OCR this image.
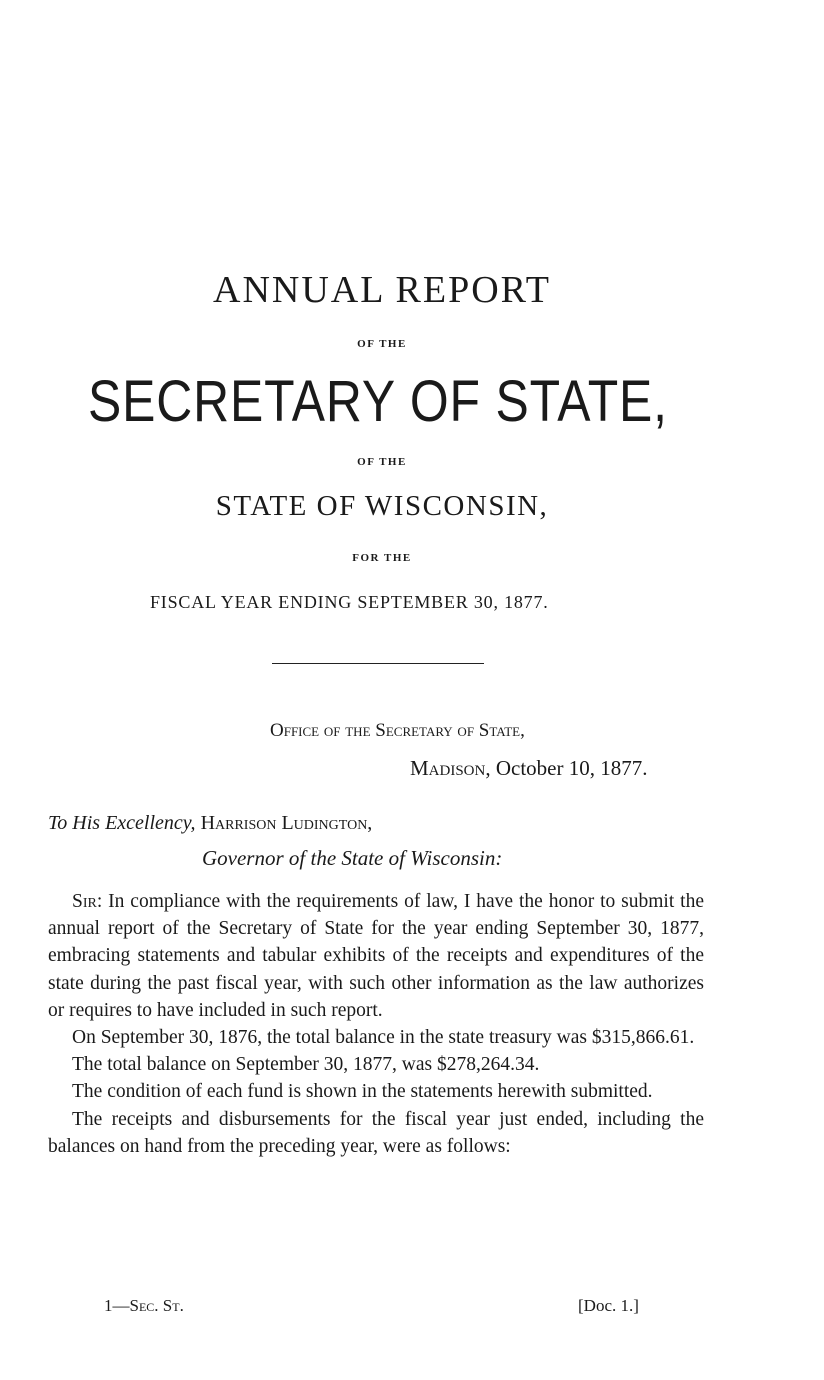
ANNUAL REPORT
OF THE
SECRETARY OF STATE,
OF THE
STATE OF WISCONSIN,
FOR THE
FISCAL YEAR ENDING SEPTEMBER 30, 1877.
Office of the Secretary of State,
Madison, October 10, 1877.
To His Excellency, Harrison Ludington,
Governor of the State of Wisconsin:

Sir: In compliance with the requirements of law, I have the honor to submit the annual report of the Secretary of State for the year ending September 30, 1877, embracing statements and tabular exhibits of the receipts and expenditures of the state during the past fiscal year, with such other information as the law authorizes or requires to have included in such report.

On September 30, 1876, the total balance in the state treasury was $315,866.61.

The total balance on September 30, 1877, was $278,264.34.

The condition of each fund is shown in the statements herewith submitted.

The receipts and disbursements for the fiscal year just ended, including the balances on hand from the preceding year, were as follows:

1—Sec. St.	[Doc. 1.]
